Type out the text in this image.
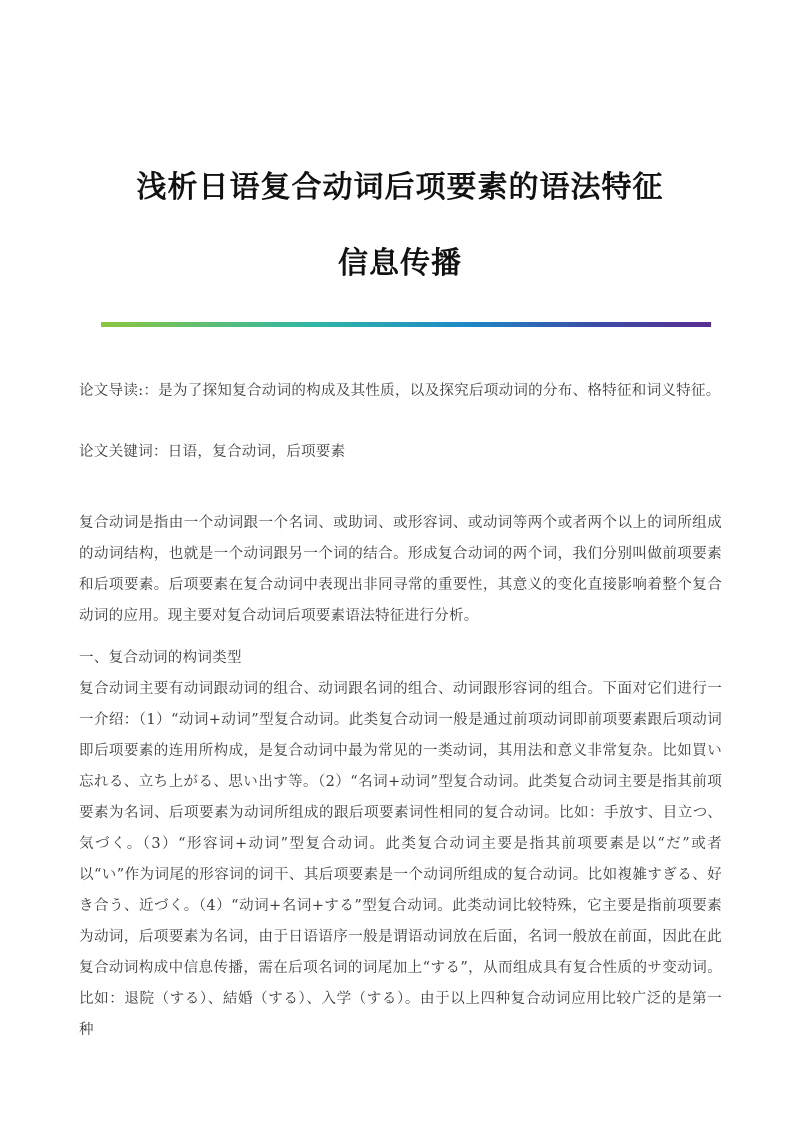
浅析日语复合动词后项要素的语法特征
信息传播

论文导读:：是为了探知复合动词的构成及其性质，以及探究后项动词的分布、格特征和词义特征。

论文关键词：日语，复合动词，后项要素

复合动词是指由一个动词跟一个名词、或助词、或形容词、或动词等两个或者两个以上的词所组成的动词结构，也就是一个动词跟另一个词的结合。形成复合动词的两个词，我们分别叫做前项要素和后项要素。后项要素在复合动词中表现出非同寻常的重要性，其意义的变化直接影响着整个复合动词的应用。现主要对复合动词后项要素语法特征进行分析。

一、复合动词的构词类型

复合动词主要有动词跟动词的组合、动词跟名词的组合、动词跟形容词的组合。下面对它们进行一一介绍：（1）“动词+动词”型复合动词。此类复合动词一般是通过前项动词即前项要素跟后项动词即后项要素的连用所构成，是复合动词中最为常见的一类动词，其用法和意义非常复杂。比如買い忘れる、立ち上がる、思い出す等。（2）“名词+动词”型复合动词。此类复合动词主要是指其前项要素为名词、后项要素为动词所组成的跟后项要素词性相同的复合动词。比如：手放す、目立つ、気づく。（3）“形容词+动词”型复合动词。此类复合动词主要是指其前项要素是以“だ”或者以“い”作为词尾的形容词的词干、其后项要素是一个动词所组成的复合动词。比如複雑すぎる、好き合う、近づく。（4）“动词+名词+する”型复合动词。此类动词比较特殊，它主要是指前项要素为动词，后项要素为名词，由于日语语序一般是谓语动词放在后面，名词一般放在前面，因此在此复合动词构成中信息传播，需在后项名词的词尾加上“する”，从而组成具有复合性质的サ变动词。比如：退院（する）、結婚（する）、入学（する）。由于以上四种复合动词应用比较广泛的是第一种
